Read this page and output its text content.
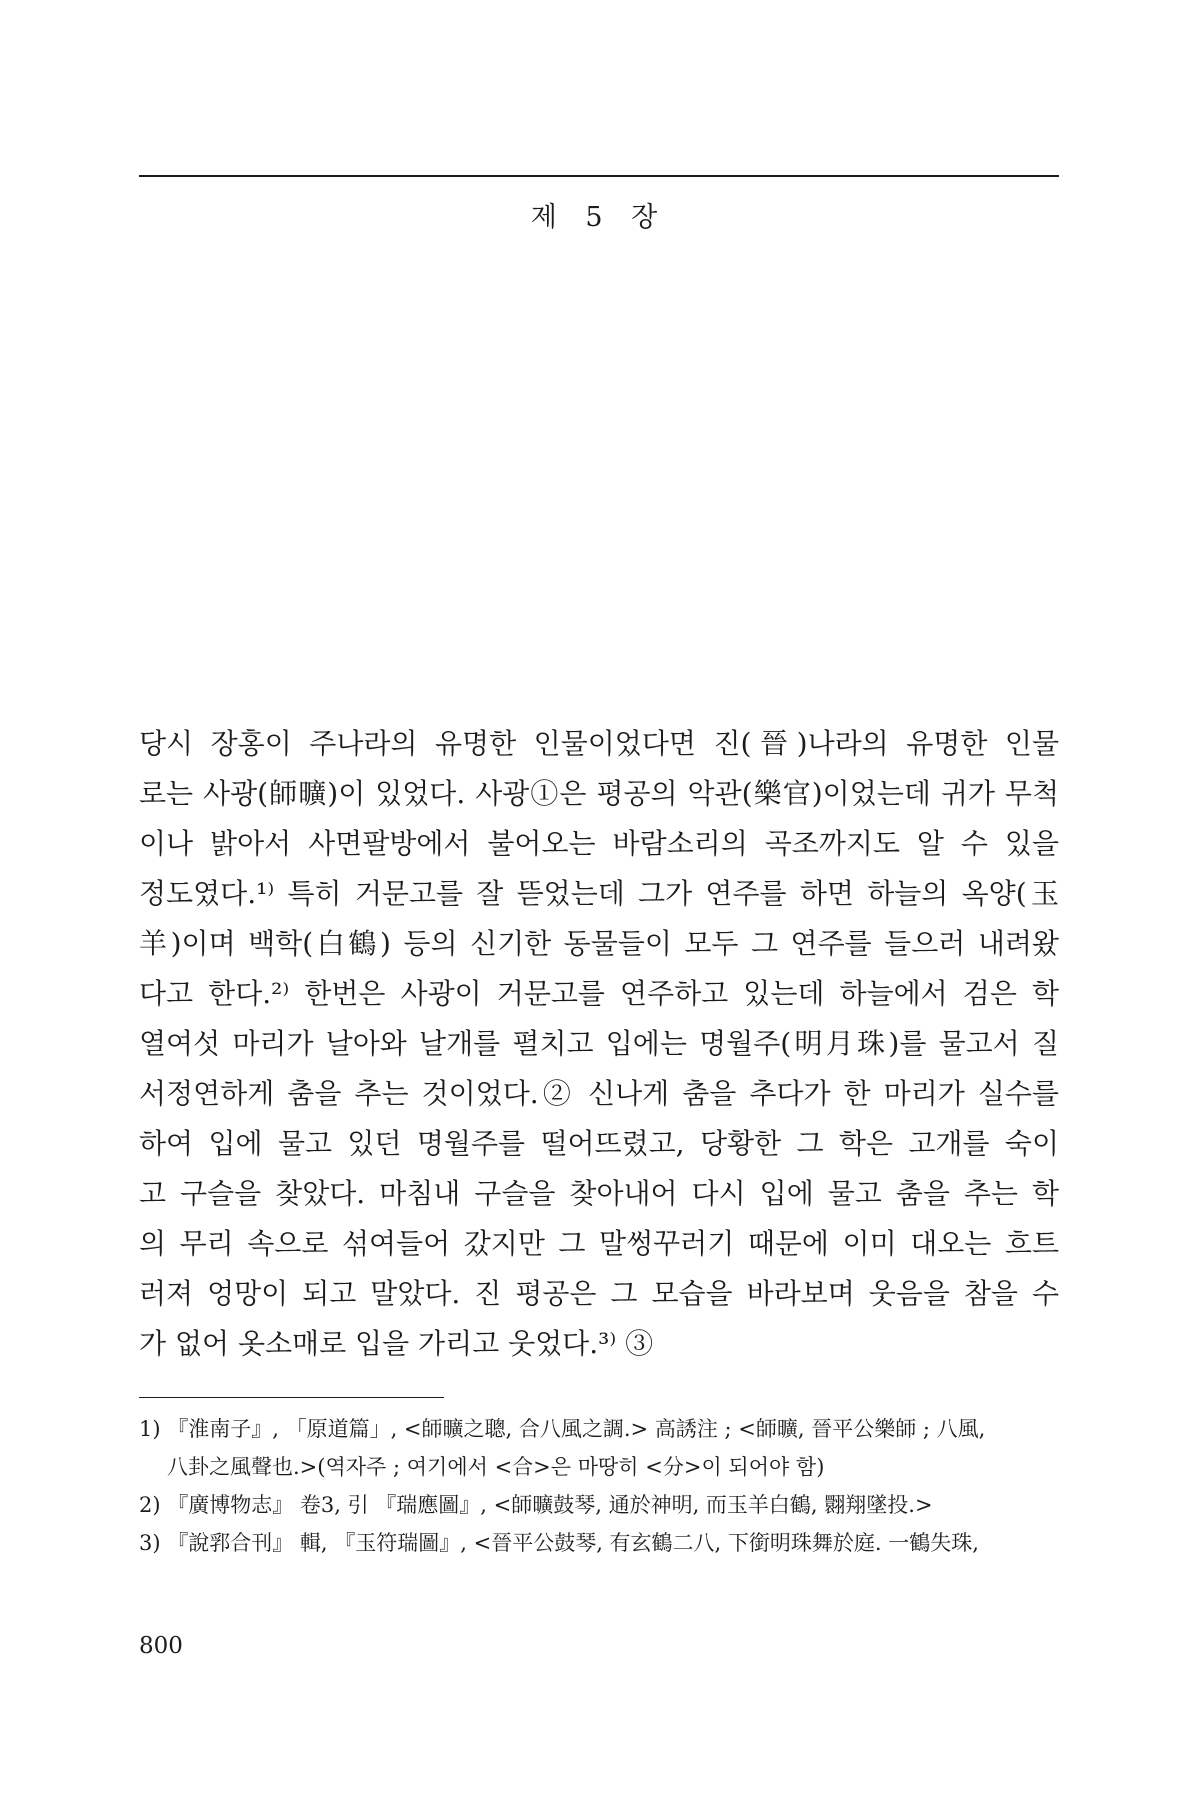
제 5 장
당시 장홍이 주나라의 유명한 인물이었다면 진(晉)나라의 유명한 인물
로는 사광(師曠)이 있었다. 사광①은 평공의 악관(樂官)이었는데 귀가 무척
이나 밝아서 사면팔방에서 불어오는 바람소리의 곡조까지도 알 수 있을
정도였다.¹⁾ 특히 거문고를 잘 뜯었는데 그가 연주를 하면 하늘의 옥양(玉
羊)이며 백학(白鶴) 등의 신기한 동물들이 모두 그 연주를 들으러 내려왔
다고 한다.²⁾ 한번은 사광이 거문고를 연주하고 있는데 하늘에서 검은 학
열여섯 마리가 날아와 날개를 펼치고 입에는 명월주(明月珠)를 물고서 질
서정연하게 춤을 추는 것이었다.② 신나게 춤을 추다가 한 마리가 실수를
하여 입에 물고 있던 명월주를 떨어뜨렸고, 당황한 그 학은 고개를 숙이
고 구슬을 찾았다. 마침내 구슬을 찾아내어 다시 입에 물고 춤을 추는 학
의 무리 속으로 섞여들어 갔지만 그 말썽꾸러기 때문에 이미 대오는 흐트
러져 엉망이 되고 말았다. 진 평공은 그 모습을 바라보며 웃음을 참을 수
가 없어 옷소매로 입을 가리고 웃었다.³⁾ ③
1) 『淮南子』, 「原道篇」, <師曠之聰, 合八風之調.> 高誘注 ; <師曠, 晉平公樂師 ; 八風,
八卦之風聲也.>(역자주 ; 여기에서 <合>은 마땅히 <分>이 되어야 함)
2) 『廣博物志』 卷3, 引 『瑞應圖』, <師曠鼓琴, 通於神明, 而玉羊白鶴, 翾翔墜投.>
3) 『說郛合刊』 輯, 『玉符瑞圖』, <晉平公鼓琴, 有玄鶴二八, 下銜明珠舞於庭. 一鶴失珠,
800
